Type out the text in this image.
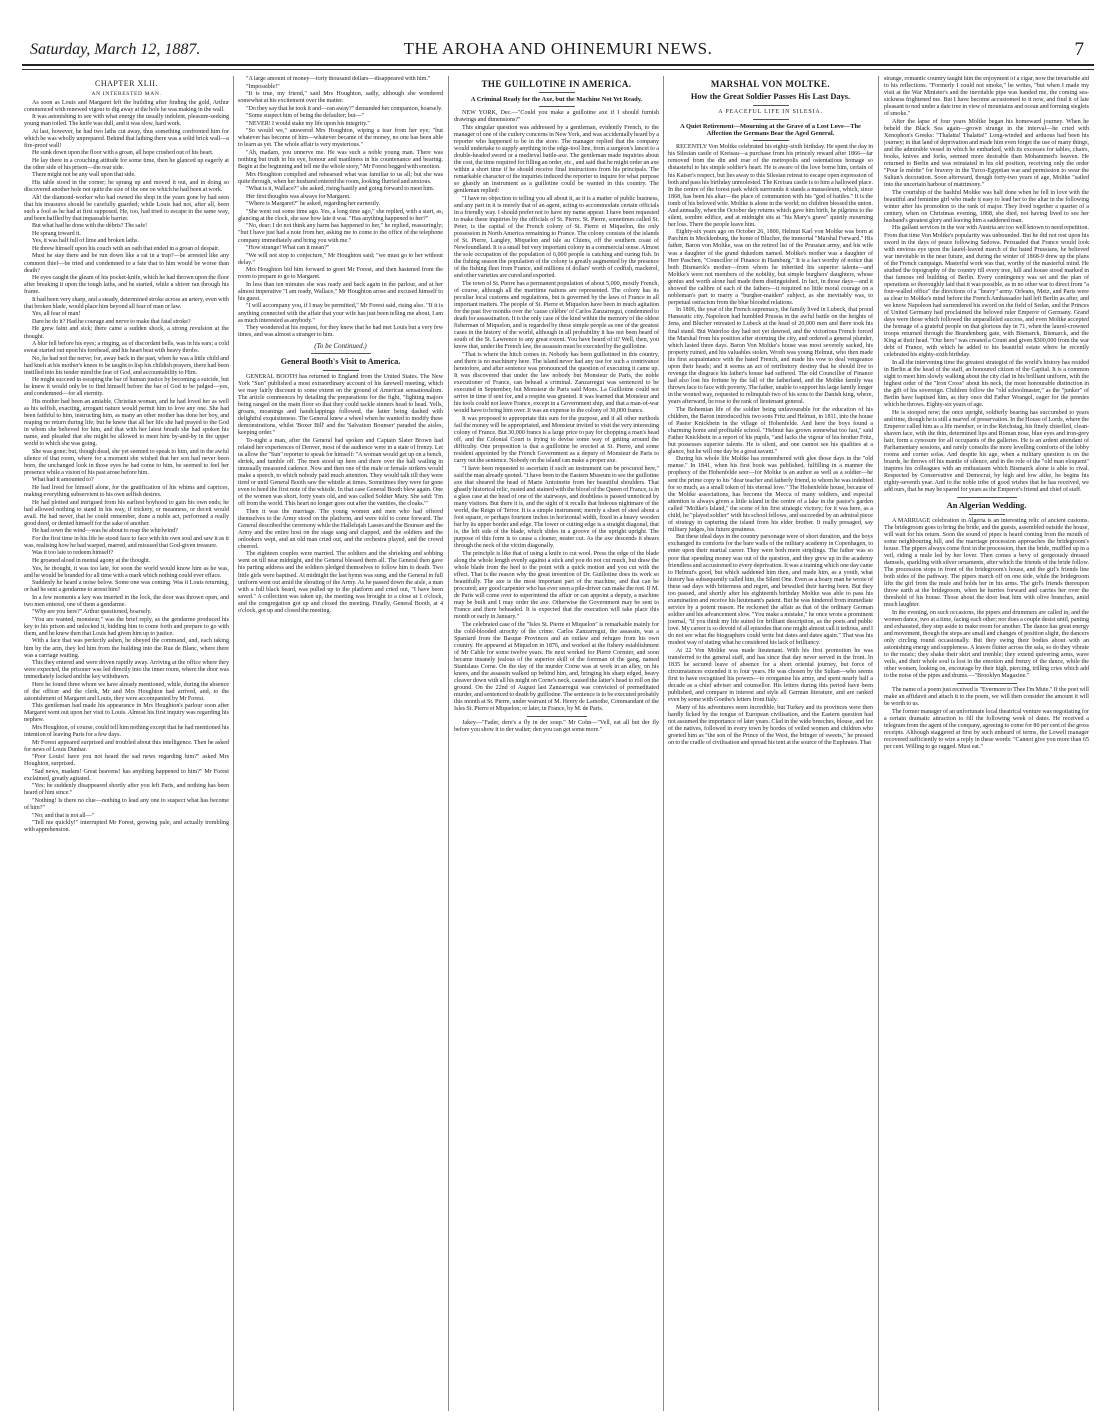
Saturday, March 12, 1887.	THE AROHA AND OHINEMURI NEWS.	7
CHAPTER XLII.
AN INTERESTED MAN.

As soon as Louis and Margaret left the building after finding the gold, Arthur commenced with renewed vigour to dig away at the hole he was making in the wall.

It was astonishing to see with what energy the usually indolent, pleasure-seeking young man toiled. The knife was dull, and it was slow, hard work.

At last, however, he had two laths cut away, thus something confronted him for which he was wholly unprepared. Behind that lathing there was a solid brick wall—a fire-proof wall!

He sunk down upon the floor with a groan, all hope crushed out of his heart.

He lay there in a crouching attitude for some time, then he glanced up eagerly at the other side of his prison—the rear side.

There might not be any wall upon that side.

His table stood in the corner; he sprang up and moved it out, and in doing so discovered another hole not quite the size of the one on which he had been at work.

Ah! the diamond-worker who had owned the shop in the years gone by had seen that his treasures should be carefully guarded; while Louis had not, after all, been such a fool as he had at first supposed. He, too, had tried to escape in the same way, and been baffled by that impassable barrier.

But what had he done with the débris? The safe!

He sprang toward it.

Yes, it was half full of lime and broken laths.

He threw himself upon his couch with an oath that ended in a groan of despair.

Must he stay there and be run down like a rat in a trap?—be arrested like any common thief—be tried and condemned to a fate that to him would be worse than death?

He eyes caught the gleam of his pocket-knife, which he had thrown upon the floor after breaking it upon the tough laths, and he started, while a shiver ran through his frame.

It had been very sharp, and a steady, determined stroke across an artery, even with that broken blade, would place him beyond all fear of man or law.

Yes, all fear of man!

Dare he do it? Had he courage and nerve to make that fatal stroke?

He grew faint and sick; there came a sudden shock, a strong revulsion at the thought.

A blur fell before his eyes; a ringing, as of discordant bells, was in his ears; a cold sweat started out upon his forehead, and his heart beat with heavy throbs.

No, he had not the nerve; for, away back in the past, when he was a little child and had knelt at his mother's knees to be taught to lisp his childish prayers, there had been instilled into his tender mind the fear of God, and accountability to Him.

He might succeed in escaping the bar of human justice by becoming a suicide, but he knew it would only be to find himself before the bar of God to be judged—yes, and condemned—for all eternity.

His mother had been an amiable, Christian woman, and he had loved her as well as his selfish, exacting, arrogant nature would permit him to love any one. She had been faithful to him, instructing him, as many an other mother has done her boy, and reaping no return during life; but he knew that all her life she had prayed to the God in whom she believed for him, and that with her latest breath she had spoken his name, and pleaded that she might be allowed to meet him by-and-by in the upper world to which she was going.

She was gone; but, though dead, she yet seemed to speak to him, and in the awful silence of that room, where for a moment she wished that her son had never been born, the unchanged look in those eyes he had come to him, he seemed to feel her presence while a vision of his past arose before him.

What had it amounted to?

He had lived for himself alone, for the gratification of his whims and caprices, making everything subservient to his own selfish desires.

He had plotted and intrigued from his earliest boyhood to gain his own ends; he had allowed nothing to stand in his way, if trickery, or meanness, or deceit would avail. He had never, that he could remember, done a noble act, performed a really good deed, or denied himself for the sake of another.

He had sown the wind—was he about to reap the whirlwind?

For the first time in his life he stood face to face with his own soul and saw it as it was, realising how he had warped, marred, and misused that God-given treasure.

Was it too late to redeem himself?

He groaned aloud in mental agony at the thought.

Yes, he thought, it was too late, for soon the world would know him as he was, and he would be branded for all time with a mark which nothing could ever efface.

Suddenly he heard a noise below. Some one was coming. Was it Louis returning, or had he sent a gendarme to arrest him?

In a few moments a key was inserted in the lock, the door was thrown open, and two men entered, one of them a gendarme.

"Why are you here?" Arthur questioned, hoarsely.

"You are wanted, monsieur," was the brief reply, as the gendarme produced his key to his prison and unlocked it, bidding him to come forth and prepare to go with them, and he knew then that Louis had given him up to justice.

With a face that was perfectly ashen, he obeyed the command, and, each taking him by the arm, they led him from the building into the Rue de Blanc, where there was a carriage waiting.

This they entered and were driven rapidly away. Arriving at the office where they were expected, the prisoner was led directly into the inner room, where the door was immediately locked and the key withdrawn.

Here he found three whom we have already mentioned, while, during the absence of the officer and the clerk, Mr and Mrs Houghton had arrived, and, to the astonishment of Margaret and Louis, they were accompanied by Mr Forest.

This gentleman had made his appearance in Mrs Houghton's parlour soon after Margaret went out upon her visit to Louis. Almost his first inquiry was regarding his nephew.

Mrs Houghton, of course, could tell him nothing except that he had mentioned his intention of leaving Paris for a few days.

Mr Forest appeared surprised and troubled about this intelligence. Then he asked for news of Louis Dunbar.

"Poor Louis! have you not heard the sad news regarding him?" asked Mrs Houghton, surprised.

"Sad news, madam! Great heavens! has anything happened to him?" Mr Forest exclaimed, greatly agitated.

"Yes; he suddenly disappeared shortly after you left Paris, and nothing has been heard of him since."

"Nothing! Is there no clue—nothing to lead any one to suspect what has become of him?"

"No; and that is not all—"

"Tell me quickly!" interrupted Mr Forest, growing pale, and actually trembling with apprehension.

"A large amount of money—forty thousand dollars—disappeared with him."

"Impossible!"

"It is true, my friend," said Mrs Houghton, sadly, although she wondered somewhat at his excitement over the matter.

"Do they say that he took it and—ran away?" demanded her companion, hoarsely.

"Some suspect him of being the defaulter; but—"

"NEVER! I would stake my life upon his integrity."

"So would we," answered Mrs Houghton, wiping a tear from her eye; "but whatever has become of him—whatever became of the money, no one has been able to learn as yet. The whole affair is very mysterious."

"Ah, madam, you unnerve me. He was such a noble young man. There was nothing but truth in his eye, honour and manliness in his countenance and bearing. Begin at the beginning and tell me the whole story," Mr Forest begged with emotion.

Mrs Houghton complied and rehearsed what was familiar to us all; but she was quite through, when her husband entered the room, looking flurried and anxious.

"What is it, Wallace?" she asked, rising hastily and going forward to meet him.

Her first thoughts was always for Margaret.

"Where is Margaret?" he asked, regarding her earnestly.

"She went out some time ago. Yes, a long time ago," she replied, with a start, as, glancing at the clock, she saw how late it was. "Has anything happened to her?"

"No, dear; I do not think any harm has happened to her," he replied, reassuringly; "but I have just had a note from her, asking me to come to the office of the telephone company immediately and bring you with me."

"How strange! What can it mean?"

"We will not stop to conjecture," Mr Houghton said; "we must go to her without delay."

Mrs Houghton bid him forward to greet Mr Forest, and then hastened from the room to prepare to go to Margaret.

In less than ten minutes she was ready and back again in the parlour, and at her almost imperative "I am ready, Wallace," Mr Houghton arose and excused himself to his guest.

"I will accompany you, if I may be permitted," Mr Forest said, rising also. "If it is anything connected with the affair that your wife has just been telling me about, I am as much interested as anybody."

They wondered at his request, for they knew that he had met Louis but a very few times, and was almost a stranger to him.

(To be Continued.)
General Booth's Visit to America.

GENERAL BOOTH has returned to England from the United States. The New York "Sun" published a most extraordinary account of his farewell meeting, which we may fairly discount to some extent on the ground of American sensationalism. The article commences by detailing the preparations for the fight, "fighting majors being ranged on the main floor so that they could tackle sinners head to head. Yells, groans, moanings and handclappings followed, the latter being dashed with delightful exquisiteness. The General knew a wheel when he wanted to modify these demonstrations, whilst 'Boxer Bill' and the 'Salvation Bounser' paraded the aisles, keeping order."

To-night a man, after the General had spoken and Captain Slater Brown had related her experiences of Denver, most of the audience were in a state of frenzy. Let us allow the "Sun" reporter to speak for himself: "A woman would get up on a bench, shriek, and tumble off. The men stood up here and there over the hall wailing in unusually measured cadence. Now and then one of the male or female strikers would make a speech, to which nobody paid much attention. They would talk till they were tired or until General Booth saw the whistle at times. Sometimes they were far gone even to heed the first note of the whistle. In that case General Booth blew again. One of the women was short, forty years old, and was called Soldier Mary. She said: 'I'm off from the world. This heart no longer goes out after the vanities, the cloaks.'"

Then it was the marriage. The young women and men who had offered themselves to the Army stood on the platform, and were told to come forward. The General described the ceremony while the Hallelujah Lasses and the Bounser and the Army and the entire host on the stage sang and clapped, and the soldiers and the onlookers wept, and an old man cried out, and the orchestra played, and the crowd cheered.

The eighteen couples were married. The soldiers and the shrieking and sobbing went on till near midnight, and the General blessed them all. The General then gave his parting address and the soldiers pledged themselves to follow him to death. Two little girls were baptised. At midnight the last hymn was sung, and the General in full uniform went out amid the shouting of the Army. As he passed down the aisle, a man with a full black beard, was pulled up to the platform and cried out, "I have been saved." A collection was taken up, the meeting was brought to a close at 1 o'clock, and the congregation got up and closed the meeting. Finally, General Booth, at 4 o'clock, got up and closed the meeting.

THE GUILLOTINE IN AMERICA.
A Criminal Ready for the Axe, but the Machine Not Yet Ready.

NEW YORK, Dec.—"Could you make a guillotine axe if I should furnish drawings and dimensions?"

This singular question was addressed by a gentleman, evidently French, to the manager of one of the cutlery concerns in New York, and was accidentally heard by a reporter who happened to be in the store. The manager replied that the company would undertake to supply anything in the edge-tool line, from a surgeon's lancet to a double-headed sword or a medieval battle-axe. The gentleman made inquiries about the cost, the time required for filling an order, etc., and said that he might order an axe within a short time if he should receive final instructions from his principals. The remarkable character of the inquiries induced the reporter to inquire for what purpose so ghastly an instrument as a guillotine could be wanted in this country. The gentleman replied:

"I have no objection to telling you all about it, as it is a matter of public business, and any part in it is merely that of an agent, acting to accommodate certain officials in a friendly way. I should prefer not to have my name appear. I have been requested to make these inquiries by the officials of St. Pierre. St. Pierre, sometimes called St. Peter, is the capital of the French colony of St. Pierre et Miquelon, the only possession in North America remaining to France. The colony consists of the islands of St. Pierre, Langley, Miquelon and isle au Chiens, off the southern coast of Newfoundland. It is a small but very important colony in a commercial sense. Almost the sole occupation of the population of 6,000 people is catching and curing fish. In the fishing season the population of the colony is greatly augmented by the presence of the fishing fleet from France, and millions of dollars' worth of codfish, mackerel, and other varieties are cured and exported.

The town of St. Pierre has a permanent population of about 5,000, mostly French, of course, although all the maritime nations are represented. The colony has its peculiar local customs and regulations, but is governed by the laws of France in all important matters. The people of St. Pierre et Miquelon have been in much agitation for the past five months over the 'cause célèbre' of Carlos Zanzarregui, condemned to death for assassination. It is the only case of the kind within the memory of the oldest fisherman of Miquelon, and is regarded by these simple people as one of the greatest cases in the history of the world, although in all probability it has not been heard of south of the St. Lawrence to any great extent. You have heard of it? Well, then, you know that, under the French law, the assassin must be executed by the guillotine.

"That is where the hitch comes in. Nobody has been guillotined in this country, and there is no machinery here. The island never had any use for such a contrivance heretofore, and after sentence was pronounced the question of executing it came up. It was discovered that under the law nobody but Monsieur de Paris, the noble executioner of France, can behead a criminal. Zanzarregui was sentenced to be executed in September, but Monsieur de Paris said Mons. La Guillotine could not arrive in time if sent for, and a respite was granted. It was learned that Monsieur and his tools could not leave France, except in a Government ship, and that a man-of-war would have to bring him over. It was an expense to the colony of 30,000 francs.

It was proposed to appropriate this sum for the purpose, and if all other methods fail the money will be appropriated, and Monsieur invited to visit the very interesting colony of France. But 30,000 francs is a large price to pay for chopping a man's head off, and the Colonial Court is trying to devise some way of getting around the difficulty. One proposition is that a guillotine be erected at St. Pierre, and some resident appointed by the French Government as a deputy of Monsieur de Paris to carry out the sentence. Nobody on the island can make a proper axe.

"I have been requested to ascertain if such an instrument can be procured here," said the man already quoted. "I have been to the Eastern Museum to see the guillotine axe that sheared the head of Marie Antoinette from her beautiful shoulders. That ghastly historical relic, rusted and stained with the blood of the Queen of France, is in a glass case at the head of one of the stairways, and doubtless is passed unnoticed by many visitors. But there it is, and the sight of it recalls that hideous nightmare of the world, the Reign of Terror. It is a simple instrument; merely a sheet of steel about a foot square, or perhaps fourteen inches in horizontal width, fixed in a heavy wooden bar by its upper border and edge. The lower or cutting edge is a straight diagonal, that is, the left side of the blade, which slides in a groove of the upright upright. The purpose of this form is to cause a cleaner, neater cut. As the axe descends it shears through the neck of the victim diagonally.

The principle is like that of using a knife to cut wool. Press the edge of the blade along the whole length evenly against a stick and you do not cut much, but draw the whole blade from the heel to the point with a quick motion and you cut with the effect. That is the reason why the great invention of Dr. Guillotine does its work so beautifully. The axe is the most important part of the machine, and that can be procured; any good carpenter who has ever seen a pile-driver can make the rest. If M. de Paris will come over to superintend the affair or can appoint a deputy, a machine may be built and I may order the axe. Otherwise the Government may be sent to France and there beheaded. It is expected that the execution will take place this month or early in January."

The celebrated case of the "Isles St. Pierre et Miquelon" is remarkable mainly for the cold-blooded atrocity of the crime. Carlos Zanzarregui, the assassin, was a Spaniard from the Basque Provinces and an outlaw and refugee from his own country. He appeared at Miquelon in 1876, and worked at the fishery establishment of Mr Cable for some twelve years. He next worked for Pierre Cormier, and soon became insanely jealous of the superior skill of the foreman of the gang, named Stanislaus Corne. On the day of the murder Corne was at work in an alley, on his knees, and the assassin walked up behind him, and, bringing his sharp edged, heavy cleaver down with all his might on Corne's neck, caused the latter's head to roll on the ground. On the 22nd of August last Zanzarregui was convicted of premeditated murder, and sentenced to death by guillotine. The sentence is to be executed probably this month at St. Pierre, under warrant of M. Henry de Lamothe, Commandant of the Isles St. Pierre et Miquelon; or later, in France, by M. de Paris.

Jakey—"Fader, dere's a fly in der soup." Mr Cohn—"Vell, eat all but der fly before you show it to der walter; den you can get some more."

MARSHAL VON MOLTKE.
How the Great Soldier Passes His Last Days.
A PEACEFUL LIFE IN SILESIA.
A Quiet Retirement—Mourning at the Grave of a Lost Love—The Affection the Germans Bear the Aged General.

RECENTLY Von Moltke celebrated his eighty-sixth birthday. He spent the day in his Silesian castle of Kreisau—a purchase from his princely reward after 1866—far removed from the din and roar of the metropolis and ostentatious homage so distasteful to his simple soldier's heart. He is aware of the love borne him, certain of his Kaiser's respect, but lies away to this Silesian retreat to escape open expression of both and pass his birthday unmolested. The Kreisau castle is to him a hallowed place. In the centre of the forest park which surrounds it stands a mausoleum, which, since 1868, has been his altar—the place of communion with his "god of battles." It is the tomb of his beloved wife. Moltke is alone in the world; no children blessed the union. And annually, when the October day returns which gave him birth, he pilgrims to the silent, sombre edifice, and at midnight sits at "his Mary's grave" quietly mourning her loss. There the people leave him.

Eighty-six years ago on October 26, 1800, Helmut Karl von Moltke was born at Parchim in Mecklenburg, the home of Blucher, the immortal "Marshal Forward." His father, Baron von Moltke, was on the retired list of the Prussian army, and his wife was a daughter of the grand dukedom named. Moltke's mother was a daughter of Herr Paschen, "Councillor of Finance in Hamburg." It is a fact worthy of notice that both Bismarck's mother—from whom he inherited his superior talents—and Moltke's were not members of the nobility, but simple burghers' daughters, whose genius and worth alone had made them distinguished. In fact, in those days—and it showed the calibre of each of the fathers—it required no little moral courage on a nobleman's part to marry a "burgher-maiden" subject, as she inevitably was, to perpetual ostracism from the blue blooded relations.

In 1806, the year of the French supremacy, the family lived in Lubeck, that proud Hanseatic city. Napoleon had humbled Prussia in the awful battle on the heights of Jena, and Blucher retreated to Lubeck at the head of 20,000 men and there took his final stand. But Waterloo day had not yet dawned, and the victorious French forced the Marshal from his position after storming the city, and ordered a general plunder, which lasted three days. Baron Von Moltke's house was most severely sacked, his property ruined, and his valuables stolen. Wroth was young Helmut, who then made his first acquaintance with the hated French, and made his vow to deal vengeance upon their heads; and it seems an act of retributory destiny that he should live to revenge the disgrace his father's house had suffered. The old Councillor of Finance had also lost his fortune by the fall of the fatherland, and the Moltke family was thrown face to face with poverty. The father, unable to support his large family longer in the wonted way, requested to relinquish two of his sons to the Danish king, where, years afterward, he rose to the rank of lieutenant general.

The Bohemian life of the soldier being unfavourable for the education of his children, the Baron introduced his two sons Fritz and Helmut, in 1811, into the house of Pastor Knickbein in the village of Hohenfelde. And here the boys found a charming home and profitable school. "Helmut has grown somewhat too fast," said Father Knickbein in a report of his pupils, "and lacks the vigour of his brother Fritz, but possesses superior talents. He is silent, and one cannot see his qualities at a glance, but he will one day be a great savant."

During his whole life Moltke has remembered with glee those days in the "old manse." In 1841, when his first book was published, fulfilling in a manner the prophecy of the Hohenfelde seer—for Moltke is an author as well as a soldier—he sent the prime copy to his "dear teacher and fatherly friend, to whom he was indebted for so much, as a small token of his eternal love." The Hohenfelde house, because of the Moltke associations, has become the Mecca of many soldiers, and especial attention is always given a little island in the centre of a lake in the pastor's garden called "Moltke's Island," the scene of his first strategic victory; for it was here, as a child, he "played soldier" with his school fellows, and succeeded by an admiral piece of strategy in capturing the island from his elder brother. It really presaged, say military judges, his future greatness.

But these ideal days in the country parsonage were of short duration, and the boys exchanged its comforts for the bare walls of the military academy in Copenhagen, to enter upon their martial career. They were both mere striplings. The father was so poor that spending money was out of the question, and they grew up in the academy friendless and accustomed to every deprivation. It was a training which one day came to Helmut's good, but which saddened him then, and made him, as a youth, what history has subsequently called him, the Silent One. Even as a hoary man he wrote of these sad days with bitterness and regret, and bewailed their having been. But they too passed, and shortly after his eighteenth birthday Moltke was able to pass his examination and receive his lieutenant's patent. But he was hindered from immediate service by a potent reason. He reckoned the affair as that of the ordinary German soldier and his advancement slow. "You make a mistake," he once wrote a prominent journal, "if you think my life suited for brilliant description, as the poets and public love. My career is so devoid of all episodes that one might almost call it tedious, and I do not see what the biographers could write but dates and dates again." That was his modest way of stating what he considered his lack of brilliancy.

At 22 Von Moltke was made lieutenant. With his first promotion he was transferred to the general staff, and has since that day never served in the front. In 1835 he secured leave of absence for a short oriental journey, but force of circumstances extended it to four years. He was chosen by the Sultan—who seems first to have recognised his powers—to reorganise his army, and spent nearly half a decade as a chief adviser and counsellor. His letters during this period have been published, and compare in interest and style all German literature, and are ranked even by some with Goethe's letters from Italy.

Many of his adventures seem incredible, but Turkey and its provinces were then hardly licked by the tongue of European civilisation, and the Eastern question had not assumed the importance of later years. Clad in the wide breeches, blouse, and fez of the natives, followed in every town by hordes of veiled women and children who greeted him as "the son of the Prince of the West, the bringer of sweets," he pressed on to the cradle of civilisation and spread his tent at the source of the Euphrates. That

strange, romantic country taught him the enjoyment of a cigar, now the invariable aid to his reflections. "Formerly I could not smoke," he writes, "but when I made my visit at the War Minister's and the inevitable pipe was handed me, the coming sea-sickness frightened me. But I have become accustomed to it now, and find it of late pleasant to nod under a date tree in view of mountains and ocean and forming sieglets of smoke."

After the lapse of four years Moltke began his homeward journey. When he beheld the Black Sea again—grown strange in the interval—he cried with Xenophon's Greeks: "Thalatta! Thalatta!" Long-winded and arduous had been his journey; in that land of deprivation and made him even forget the use of many things, and the admirable vessel in which he embarked, with its excesses for tables, chairs, books, knives and forks, seemed more desirable than Mohammed's heaven. He returned to Berlin and was reinstated in his old position, receiving only the order "Pour le mérite" for bravery in the Turco-Egyptian war and permission to wear the Sultan's decoration. Soon afterward, though forty-two years of age, Moltke "sailed into the uncertain harbour of matrimony."

The courtship of the bashful Moltke was half done when he fell in love with the beautiful and feminine girl who made it easy to lead her to the altar in the following winter after his promotion to the rank of major. They lived together a quarter of a century, when on Christmas evening, 1868, she died, not having lived to see her husband's greatest glory and leaving him a saddened man.

His gallant services in the war with Austria are too well known to need repetition. From that time Von Moltke's popularity was unbounded. But he did not rest upon his sword in the days of peace following Sedowa. Persuaded that France would look with envious eye upon the laurel-leaved march of the hated Prussians, he believed war inevitable in the near future, and during the winter of 1868-9 drew up the plans of the French campaign. Masterful work was that, worthy of the masterful mind. He studied the topography of the country till every tree, hill and house stood marked in that famous red building of Berlin. Every contingency was set and the plan of operations so thoroughly laid that it was possible, as in no other war to direct from "a four-walled office" the directions of a "heavy" army. Orleans, Metz, and Paris were as clear to Moltke's mind before the French Ambassador had left Berlin as after, and we know Napoleon had surrendered his sword on the field of Sedan, and the Princes of United Germany had proclaimed the beloved ruler Emperor of Germany. Grand days were those which followed the unparalleled success, and even Moltke accepted the homage of a grateful people on that glorious day in 71, when the laurel-crowned troops returned through the Brandenburg gate, with Bismarck, Bismarck, and the King at their head. "Our hero" was created a Count and given $300,000 from the war debt of France, with which he added to his beautiful estate where he recently celebrated his eighty-sixth birthday.

In all the intervening time the greatest strategist of the world's history has resided in Berlin at the head of the staff, an honoured citizen of the Capital. It is a common sight to meet him slowly walking about the city clad in his brilliant uniform, with the highest order of the "Iron Cross" about his neck, the most honourable distinction in the gift of his sovereign. Children follow the "old schoolmaster," as the "junker" of Berlin have baptised him, as they once did Father Wrangel, eager for the pennies which he throws. Eighty-six years of age.

He is stooped now; the once upright, soldierly bearing has succumbed to years and time, though he is still a marvel of preservation. In the House of Lords, where the Emperor called him as a life member, or in the Reichstag, his finely chiselled, clean-shaven face, with the thin, determined lips and Roman nose, blue eyes and iron-grey hair, form a cynosure for all occupants of the galleries. He is an ardent attendant of Parliamentary sessions, and rarely consults the more levelling comforts of the lobby rooms and corner sofas. And despite his age, when a military question is on the boards, he throws off his mantle of silence, and in the role of the "old man eloquent" inspires his colleagues with an enthusiasm which Bismarck alone is able to rival. Respected by Conservative and Democrat, by high and low alike, he begins his eighty-seventh year. And to the noble tribe of good wishes that he has received, we add ours, that he may be spared for years as the Emperor's friend and chief of staff.

An Algerian Wedding.

A MARRIAGE celebration in Algeria is an interesting relic of ancient customs. The bridegroom goes to bring the bride, and the guests, assembled outside the house, will wait for his return. Soon the sound of pipes is heard coming from the mouth of some neighbouring hill, and the marriage procession approaches the bridegroom's house. The pipers always come first in the procession, then the bride, muffled up in a veil, riding a mule led by her lover. Then comes a bevy of gorgeously dressed damsels, sparkling with silver ornaments, after which the friends of the bride follow. The procession stops in front of the bridegroom's house, and the girl's friends line both sides of the pathway. The pipers march off on one side, while the bridegroom lifts the girl from the mule and holds her in his arms. The girl's friends thereupon throw earth at the bridegroom, when he hurries forward and carries her over the threshold of his house. Those about the door beat him with olive branches, amid much laughter.

In the evening, on such occasions, the pipers and drummers are called in, and the women dance, two at a time, facing each other; nor does a couple desist until, panting and exhausted, they step aside to make room for another. The dance has great energy and movement, though the steps are small and changes of position slight, the dancers only circling round occasionally. But they swing their bodies about with an astonishing energy and suppleness. A leaves flutter across the sala, so do they vibrate to the music; they shake their skirt and tremble; they extend quivering arms, wave veils, and their whole soul is lost in the emotion and frenzy of the dance, while the other women, looking on, encourage by their high, piercing, trilling cries which add to the noise of the pipes and drums.—"Brooklyn Magazine."

The name of a poem just received is "Evermore to Thee I'm Mute." If the poet will make an affidavit and attach it to the poem, we will then consider the amount it will be worth to us.

The former manager of an unfortunate local theatrical venture was negotiating for a certain dramatic attraction to fill the following week of dates. He received a telegram from the agent of the company, agreeing to come for 80 per cent of the gross receipts. Although staggered at first by such unheard of terms, the Lowell manager recovered sufficiently to wire a reply in these words: "Cannot give you more than 65 per cent. Willing to go ragged. Must eat."
